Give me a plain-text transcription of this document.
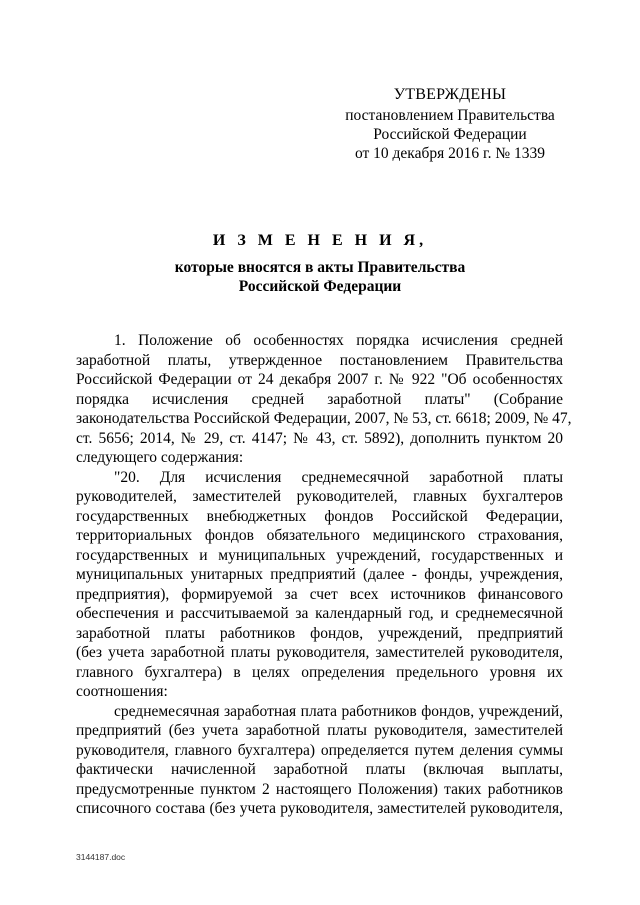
УТВЕРЖДЕНЫ
постановлением Правительства
Российской Федерации
от 10 декабря 2016 г. № 1339
И З М Е Н Е Н И Я,
которые вносятся в акты Правительства
Российской Федерации
1. Положение об особенностях порядка исчисления средней
заработной платы, утвержденное постановлением Правительства
Российской Федерации от 24 декабря 2007 г. № 922 "Об особенностях
порядка исчисления средней заработной платы" (Собрание
законодательства Российской Федерации, 2007, № 53, ст. 6618; 2009, № 47,
ст. 5656; 2014, № 29, ст. 4147; № 43, ст. 5892), дополнить пунктом 20
следующего содержания:
"20. Для исчисления среднемесячной заработной платы
руководителей, заместителей руководителей, главных бухгалтеров
государственных внебюджетных фондов Российской Федерации,
территориальных фондов обязательного медицинского страхования,
государственных и муниципальных учреждений, государственных и
муниципальных унитарных предприятий (далее - фонды, учреждения,
предприятия), формируемой за счет всех источников финансового
обеспечения и рассчитываемой за календарный год, и среднемесячной
заработной платы работников фондов, учреждений, предприятий
(без учета заработной платы руководителя, заместителей руководителя,
главного бухгалтера) в целях определения предельного уровня их
соотношения:
среднемесячная заработная плата работников фондов, учреждений,
предприятий (без учета заработной платы руководителя, заместителей
руководителя, главного бухгалтера) определяется путем деления суммы
фактически начисленной заработной платы (включая выплаты,
предусмотренные пунктом 2 настоящего Положения) таких работников
списочного состава (без учета руководителя, заместителей руководителя,
3144187.doc
